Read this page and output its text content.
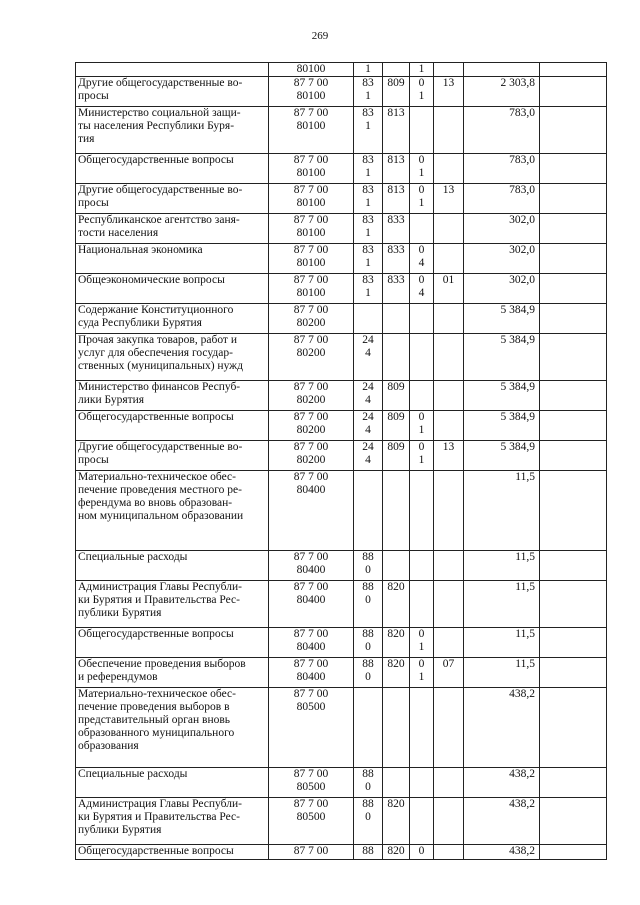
269

	80100	1		1			

Другие общегосударственные во-
просы	87 7 00
80100	83
1	809	0
1	13	2 303,8	

Министерство социальной защи-
ты населения Республики Буря-
тия	87 7 00
80100	83
1	813			783,0	

Общегосударственные вопросы	87 7 00
80100	83
1	813	0
1		783,0	

Другие общегосударственные во-
просы	87 7 00
80100	83
1	813	0
1	13	783,0	

Республиканское агентство заня-
тости населения	87 7 00
80100	83
1	833			302,0	

Национальная экономика	87 7 00
80100	83
1	833	0
4		302,0	

Общеэкономические вопросы	87 7 00
80100	83
1	833	0
4	01	302,0	

Содержание Конституционного
суда Республики Бурятия	87 7 00
80200					5 384,9	

Прочая закупка товаров, работ и
услуг для обеспечения государ-
ственных (муниципальных) нужд	87 7 00
80200	24
4				5 384,9	

Министерство финансов Респуб-
лики Бурятия	87 7 00
80200	24
4	809			5 384,9	

Общегосударственные вопросы	87 7 00
80200	24
4	809	0
1		5 384,9	

Другие общегосударственные во-
просы	87 7 00
80200	24
4	809	0
1	13	5 384,9	

Материально-техническое обес-
печение проведения местного ре-
ферендума во вновь образован-
ном муниципальном образовании	87 7 00
80400					11,5	

Специальные расходы	87 7 00
80400	88
0				11,5	

Администрация Главы Республи-
ки Бурятия и Правительства Рес-
публики Бурятия	87 7 00
80400	88
0	820			11,5	

Общегосударственные вопросы	87 7 00
80400	88
0	820	0
1		11,5	

Обеспечение проведения выборов
и референдумов	87 7 00
80400	88
0	820	0
1	07	11,5	

Материально-техническое обес-
печение проведения выборов в
представительный орган вновь
образованного муниципального
образования	87 7 00
80500					438,2	

Специальные расходы	87 7 00
80500	88
0				438,2	

Администрация Главы Республи-
ки Бурятия и Правительства Рес-
публики Бурятия	87 7 00
80500	88
0	820			438,2	

Общегосударственные вопросы	87 7 00	88	820	0		438,2	
